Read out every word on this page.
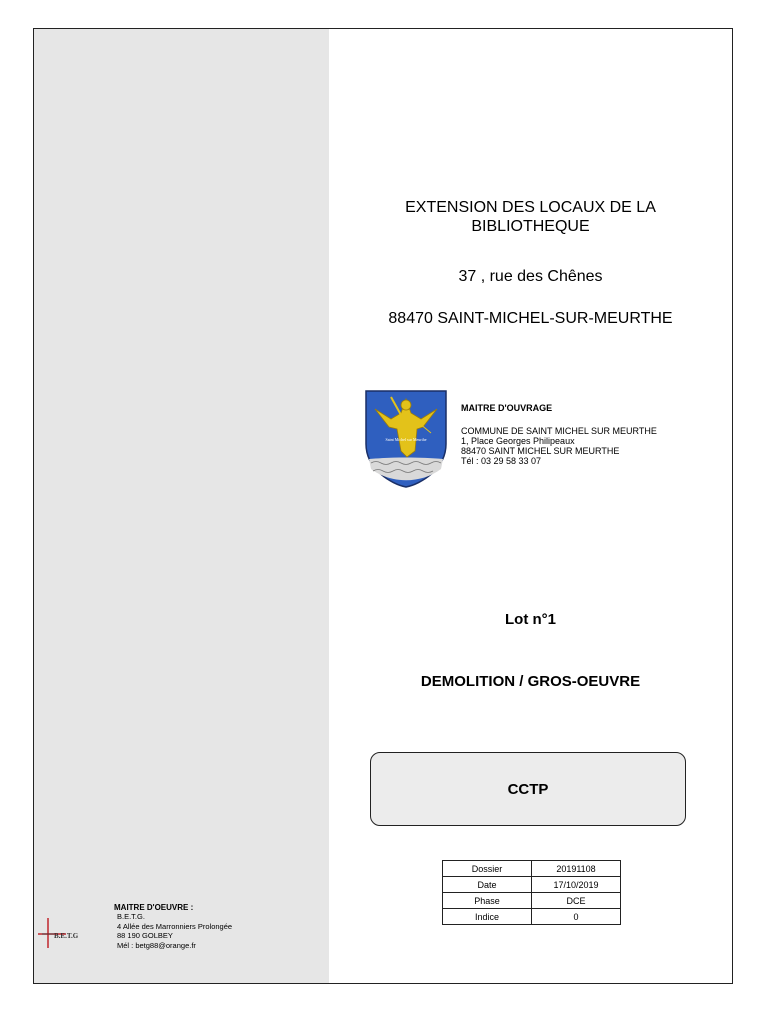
B.E.T.G
MAITRE D'OEUVRE :
B.E.T.G.
4 Allée des Marronniers Prolongée
88 190 GOLBEY
Mél : betg88@orange.fr
EXTENSION DES LOCAUX DE LA
BIBLIOTHEQUE
37 , rue des Chênes
88470 SAINT-MICHEL-SUR-MEURTHE
Saint Michel sur Meurthe
MAITRE D'OUVRAGE
COMMUNE DE SAINT MICHEL SUR MEURTHE
1, Place Georges Philipeaux
88470 SAINT MICHEL SUR MEURTHE
Tél : 03 29 58 33 07
Lot n°1
DEMOLITION / GROS-OEUVRE
CCTP
Dossier	20191108
Date	17/10/2019
Phase	DCE
Indice	0
